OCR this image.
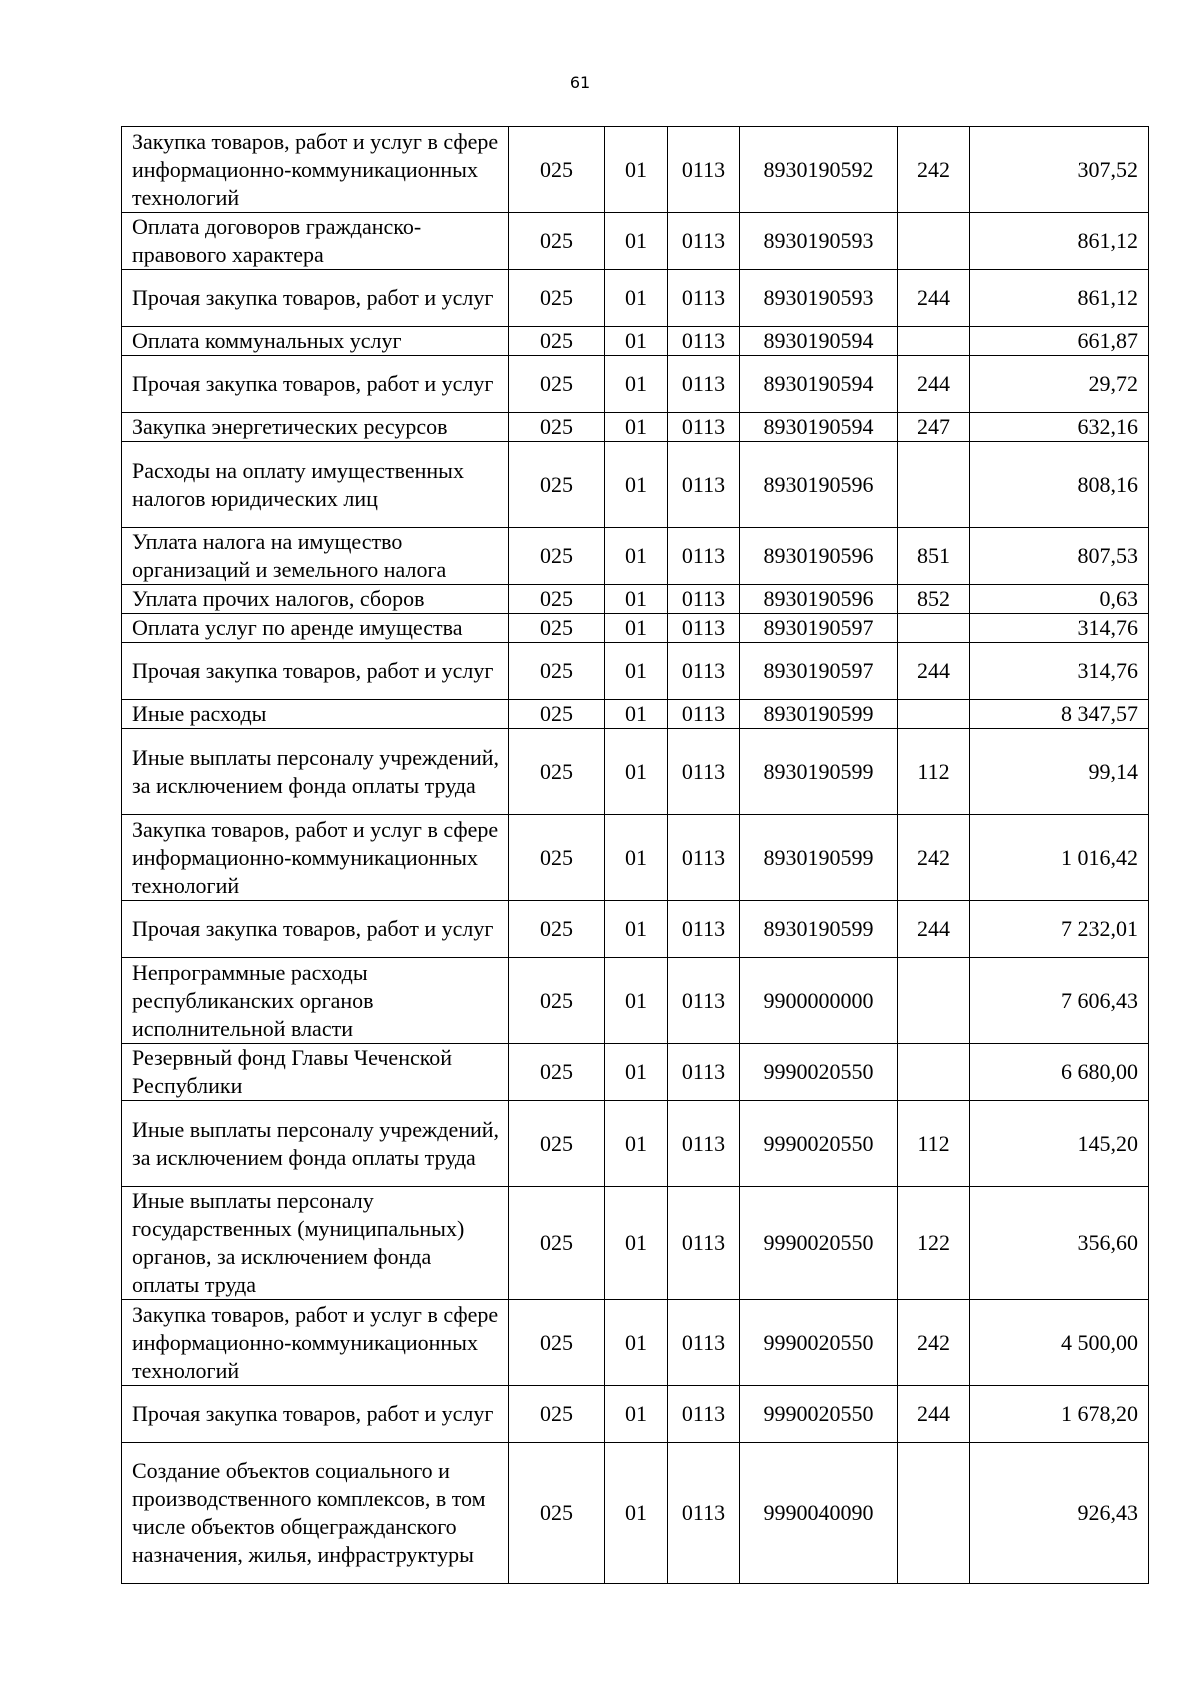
61
Закупка товаров, работ и услуг в сфере информационно-коммуникационных технологий	025	01	0113	8930190592	242	307,52
Оплата договоров гражданско-правового характера	025	01	0113	8930190593		861,12
Прочая закупка товаров, работ и услуг	025	01	0113	8930190593	244	861,12
Оплата коммунальных услуг	025	01	0113	8930190594		661,87
Прочая закупка товаров, работ и услуг	025	01	0113	8930190594	244	29,72
Закупка энергетических ресурсов	025	01	0113	8930190594	247	632,16
Расходы на оплату имущественных налогов юридических лиц	025	01	0113	8930190596		808,16
Уплата налога на имущество организаций и земельного налога	025	01	0113	8930190596	851	807,53
Уплата прочих налогов, сборов	025	01	0113	8930190596	852	0,63
Оплата услуг по аренде имущества	025	01	0113	8930190597		314,76
Прочая закупка товаров, работ и услуг	025	01	0113	8930190597	244	314,76
Иные расходы	025	01	0113	8930190599		8 347,57
Иные выплаты персоналу учреждений, за исключением фонда оплаты труда	025	01	0113	8930190599	112	99,14
Закупка товаров, работ и услуг в сфере информационно-коммуникационных технологий	025	01	0113	8930190599	242	1 016,42
Прочая закупка товаров, работ и услуг	025	01	0113	8930190599	244	7 232,01
Непрограммные расходы республиканских органов исполнительной власти	025	01	0113	9900000000		7 606,43
Резервный фонд Главы Чеченской Республики	025	01	0113	9990020550		6 680,00
Иные выплаты персоналу учреждений, за исключением фонда оплаты труда	025	01	0113	9990020550	112	145,20
Иные выплаты персоналу государственных (муниципальных) органов, за исключением фонда оплаты труда	025	01	0113	9990020550	122	356,60
Закупка товаров, работ и услуг в сфере информационно-коммуникационных технологий	025	01	0113	9990020550	242	4 500,00
Прочая закупка товаров, работ и услуг	025	01	0113	9990020550	244	1 678,20
Создание объектов социального и производственного комплексов, в том числе объектов общегражданского назначения, жилья, инфраструктуры	025	01	0113	9990040090		926,43
